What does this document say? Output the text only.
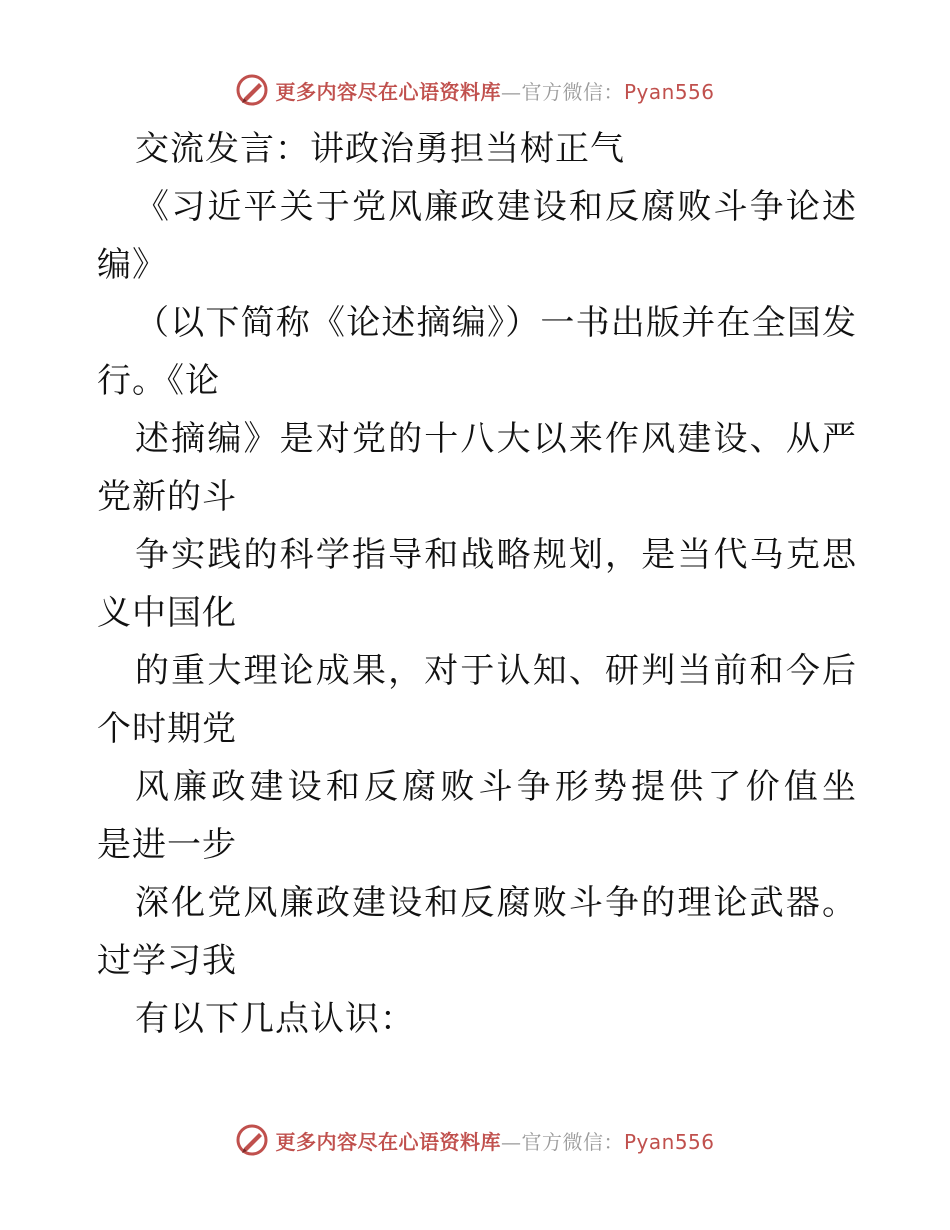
更多内容尽在心语资料库—官方微信：Pyan556
交流发言：讲政治勇担当树正气
《习近平关于党风廉政建设和反腐败斗争论述
编》
（以下简称《论述摘编》）一书出版并在全国发
行。《论
述摘编》是对党的十八大以来作风建设、从严
党新的斗
争实践的科学指导和战略规划，是当代马克思
义中国化
的重大理论成果，对于认知、研判当前和今后
个时期党
风廉政建设和反腐败斗争形势提供了价值坐
是进一步
深化党风廉政建设和反腐败斗争的理论武器。
过学习我
有以下几点认识：
更多内容尽在心语资料库—官方微信：Pyan556
